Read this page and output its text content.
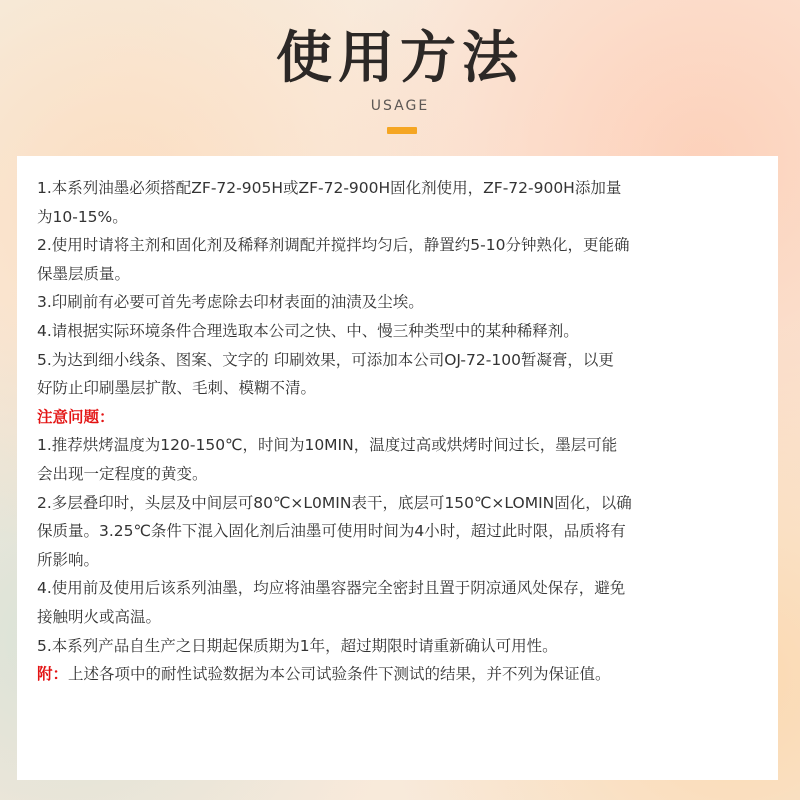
使用方法
USAGE
1.本系列油墨必须搭配ZF-72-905H或ZF-72-900H固化剂使用，ZF-72-900H添加量
为10-15%。
2.使用时请将主剂和固化剂及稀释剂调配并搅拌均匀后，静置约5-10分钟熟化，更能确
保墨层质量。
3.印刷前有必要可首先考虑除去印材表面的油渍及尘埃。
4.请根据实际环境条件合理选取本公司之快、中、慢三种类型中的某种稀释剂。
5.为达到细小线条、图案、文字的 印刷效果，可添加本公司OJ-72-100暂凝膏，以更
好防止印刷墨层扩散、毛刺、模糊不清。
注意问题：
1.推荐烘烤温度为120-150℃，时间为10MIN，温度过高或烘烤时间过长，墨层可能
会出现一定程度的黄变。
2.多层叠印时，头层及中间层可80℃×L0MIN表干，底层可150℃×LOMIN固化，以确
保质量。3.25℃条件下混入固化剂后油墨可使用时间为4小时，超过此时限，品质将有
所影响。
4.使用前及使用后该系列油墨，均应将油墨容器完全密封且置于阴凉通风处保存，避免
接触明火或高温。
5.本系列产品自生产之日期起保质期为1年，超过期限时请重新确认可用性。
附：上述各项中的耐性试验数据为本公司试验条件下测试的结果，并不列为保证值。
